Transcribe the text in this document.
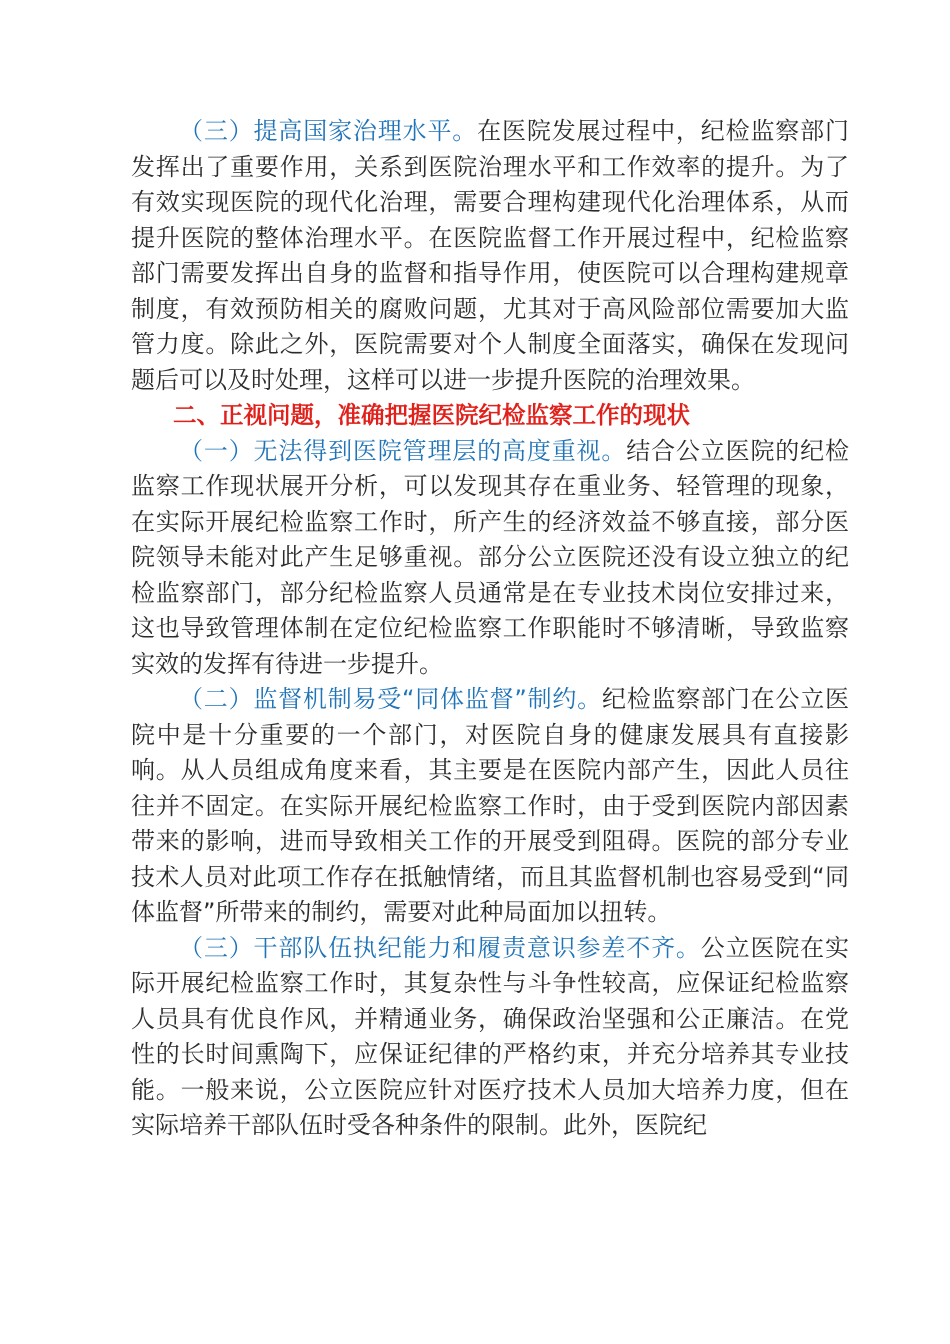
（三）提高国家治理水平。在医院发展过程中，纪检监察部门发挥出了重要作用，关系到医院治理水平和工作效率的提升。为了有效实现医院的现代化治理，需要合理构建现代化治理体系，从而提升医院的整体治理水平。在医院监督工作开展过程中，纪检监察部门需要发挥出自身的监督和指导作用，使医院可以合理构建规章制度，有效预防相关的腐败问题，尤其对于高风险部位需要加大监管力度。除此之外，医院需要对个人制度全面落实，确保在发现问题后可以及时处理，这样可以进一步提升医院的治理效果。

二、正视问题，准确把握医院纪检监察工作的现状

（一）无法得到医院管理层的高度重视。结合公立医院的纪检监察工作现状展开分析，可以发现其存在重业务、轻管理的现象，在实际开展纪检监察工作时，所产生的经济效益不够直接，部分医院领导未能对此产生足够重视。部分公立医院还没有设立独立的纪检监察部门，部分纪检监察人员通常是在专业技术岗位安排过来，这也导致管理体制在定位纪检监察工作职能时不够清晰，导致监察实效的发挥有待进一步提升。

（二）监督机制易受“同体监督”制约。纪检监察部门在公立医院中是十分重要的一个部门，对医院自身的健康发展具有直接影响。从人员组成角度来看，其主要是在医院内部产生，因此人员往往并不固定。在实际开展纪检监察工作时，由于受到医院内部因素带来的影响，进而导致相关工作的开展受到阻碍。医院的部分专业技术人员对此项工作存在抵触情绪，而且其监督机制也容易受到“同体监督”所带来的制约，需要对此种局面加以扭转。

（三）干部队伍执纪能力和履责意识参差不齐。公立医院在实际开展纪检监察工作时，其复杂性与斗争性较高，应保证纪检监察人员具有优良作风，并精通业务，确保政治坚强和公正廉洁。在党性的长时间熏陶下，应保证纪律的严格约束，并充分培养其专业技能。一般来说，公立医院应针对医疗技术人员加大培养力度，但在实际培养干部队伍时受各种条件的限制。此外，医院纪
